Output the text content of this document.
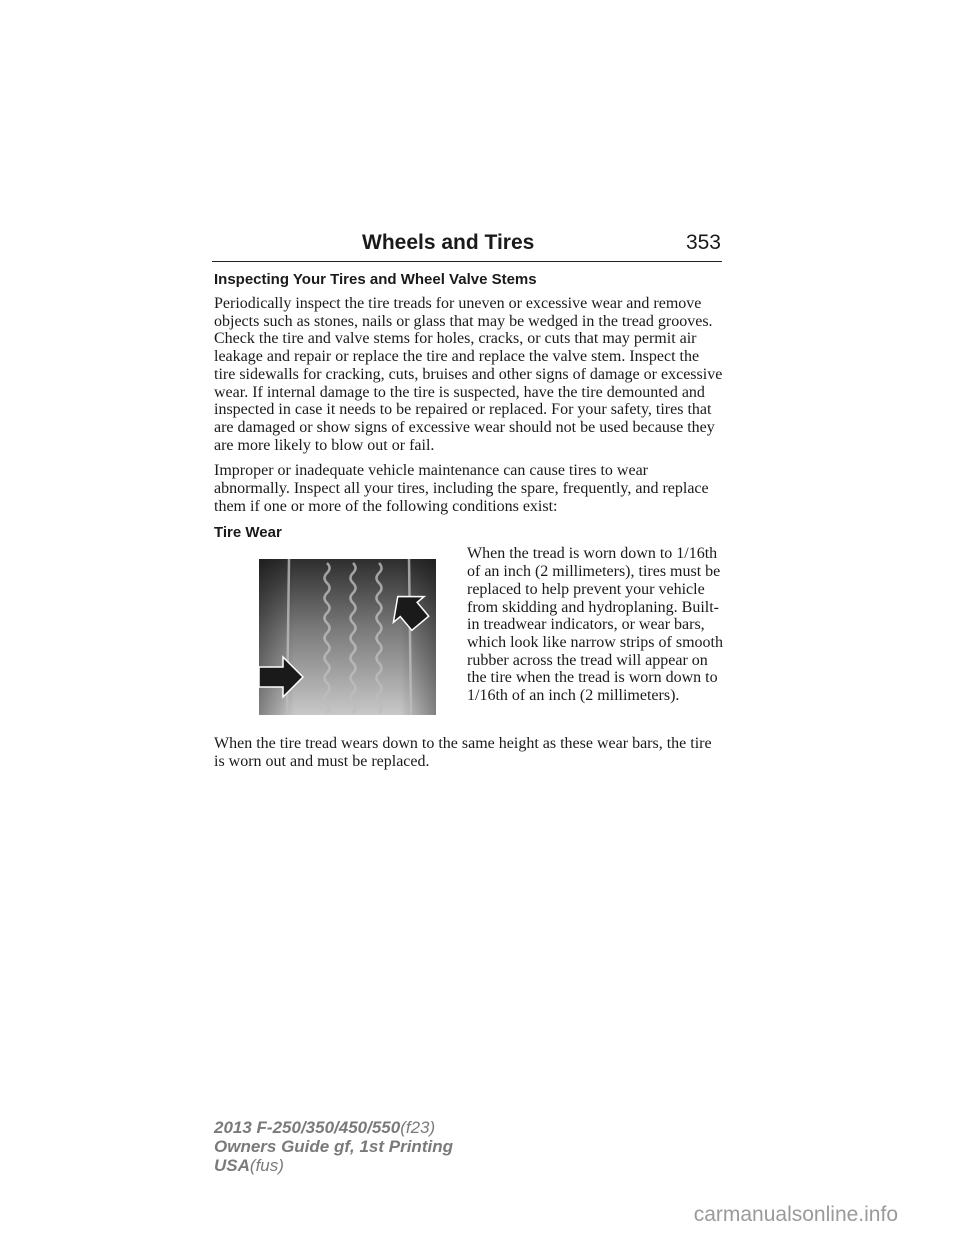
Wheels and Tires	353
Inspecting Your Tires and Wheel Valve Stems

Periodically inspect the tire treads for uneven or excessive wear and remove objects such as stones, nails or glass that may be wedged in the tread grooves. Check the tire and valve stems for holes, cracks, or cuts that may permit air leakage and repair or replace the tire and replace the valve stem. Inspect the tire sidewalls for cracking, cuts, bruises and other signs of damage or excessive wear. If internal damage to the tire is suspected, have the tire demounted and inspected in case it needs to be repaired or replaced. For your safety, tires that are damaged or show signs of excessive wear should not be used because they are more likely to blow out or fail.

Improper or inadequate vehicle maintenance can cause tires to wear abnormally. Inspect all your tires, including the spare, frequently, and replace them if one or more of the following conditions exist:

Tire Wear

When the tread is worn down to 1/16th of an inch (2 millimeters), tires must be replaced to help prevent your vehicle from skidding and hydroplaning. Built-in treadwear indicators, or wear bars, which look like narrow strips of smooth rubber across the tread will appear on the tire when the tread is worn down to 1/16th of an inch (2 millimeters).

When the tire tread wears down to the same height as these wear bars, the tire is worn out and must be replaced.

2013 F-250/350/450/550(f23)
Owners Guide gf, 1st Printing
USA(fus)
carmanualsonline.info
